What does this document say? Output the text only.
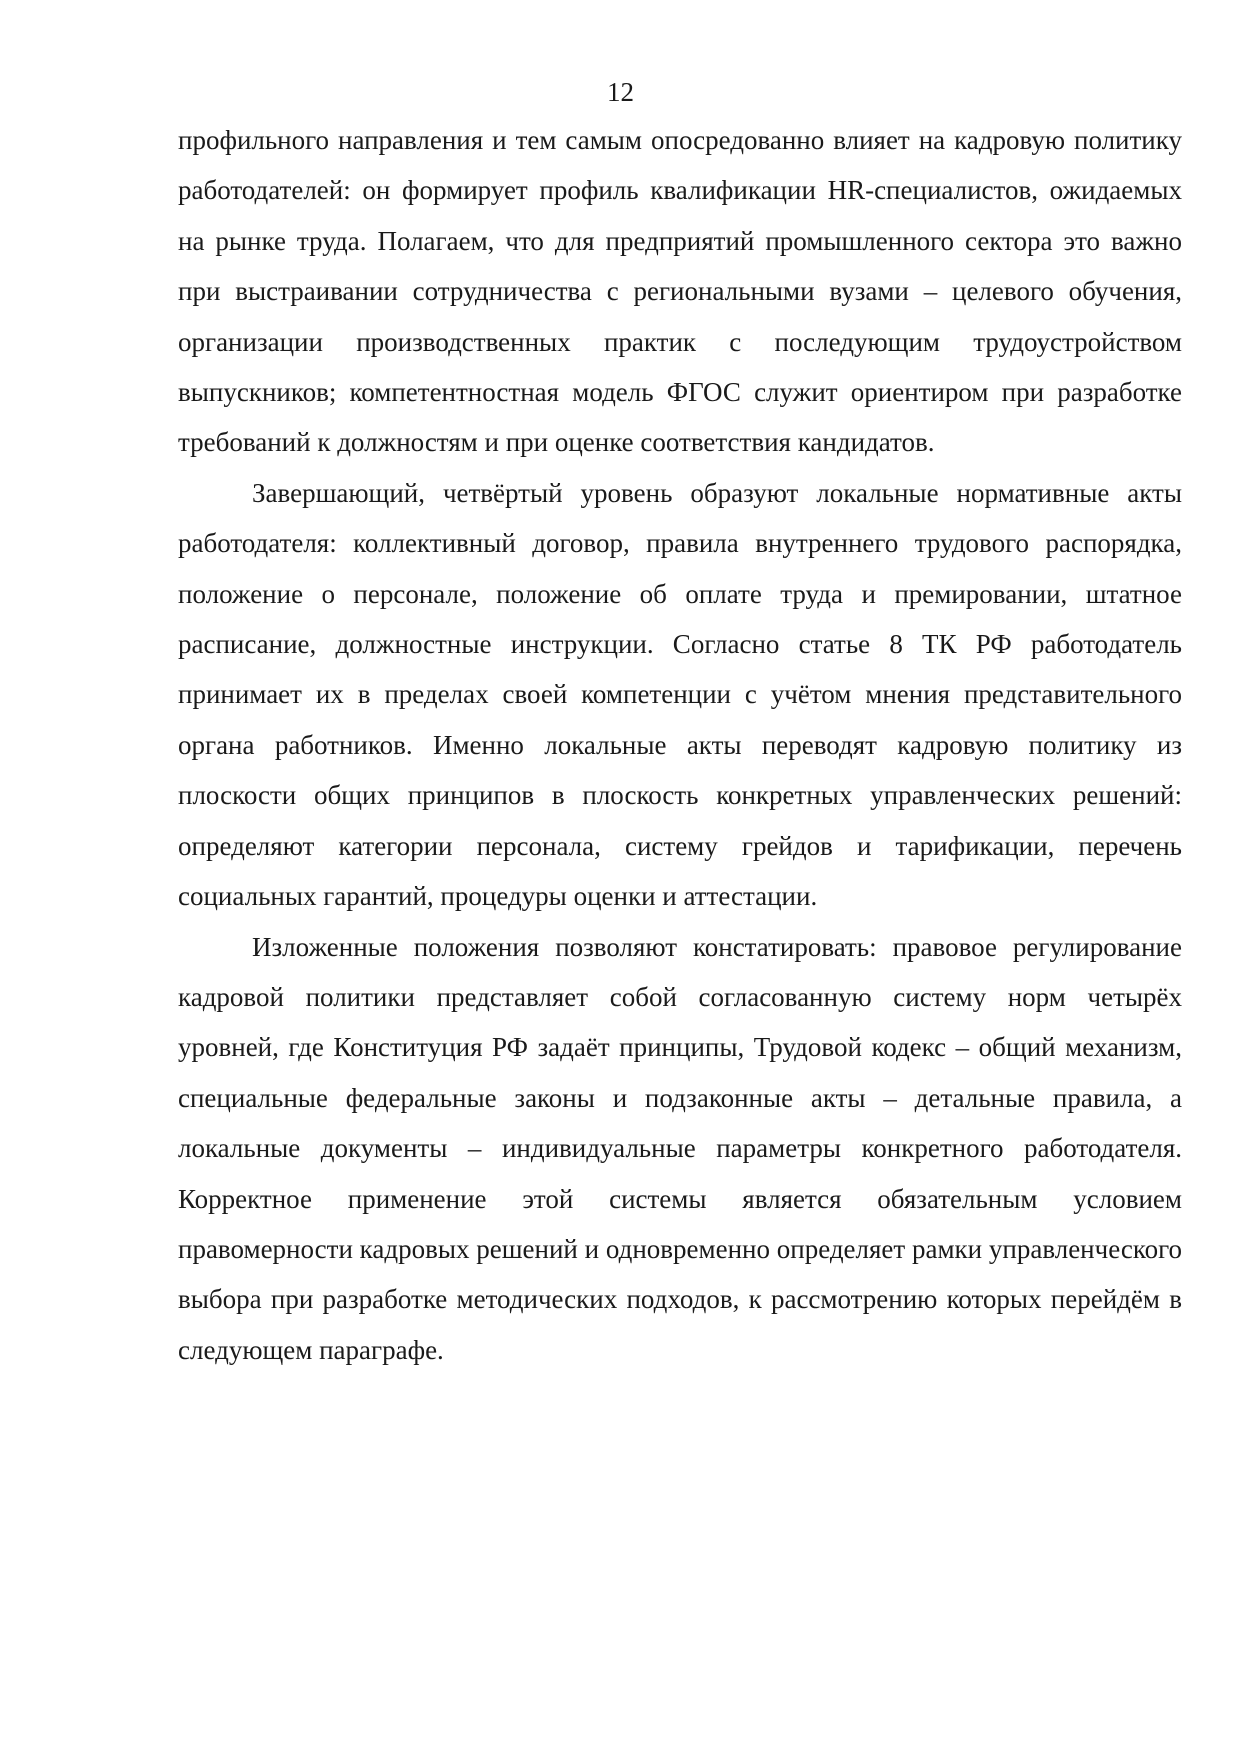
12

профильного направления и тем самым опосредованно влияет на кадровую политику работодателей: он формирует профиль квалификации HR-специалистов, ожидаемых на рынке труда. Полагаем, что для предприятий промышленного сектора это важно при выстраивании сотрудничества с региональными вузами – целевого обучения, организации производственных практик с последующим трудоустройством выпускников; компетентностная модель ФГОС служит ориентиром при разработке требований к должностям и при оценке соответствия кандидатов.

Завершающий, четвёртый уровень образуют локальные нормативные акты работодателя: коллективный договор, правила внутреннего трудового распорядка, положение о персонале, положение об оплате труда и премировании, штатное расписание, должностные инструкции. Согласно статье 8 ТК РФ работодатель принимает их в пределах своей компетенции с учётом мнения представительного органа работников. Именно локальные акты переводят кадровую политику из плоскости общих принципов в плоскость конкретных управленческих решений: определяют категории персонала, систему грейдов и тарификации, перечень социальных гарантий, процедуры оценки и аттестации.

Изложенные положения позволяют констатировать: правовое регулирование кадровой политики представляет собой согласованную систему норм четырёх уровней, где Конституция РФ задаёт принципы, Трудовой кодекс – общий механизм, специальные федеральные законы и подзаконные акты – детальные правила, а локальные документы – индивидуальные параметры конкретного работодателя. Корректное применение этой системы является обязательным условием правомерности кадровых решений и одновременно определяет рамки управленческого выбора при разработке методических подходов, к рассмотрению которых перейдём в следующем параграфе.
